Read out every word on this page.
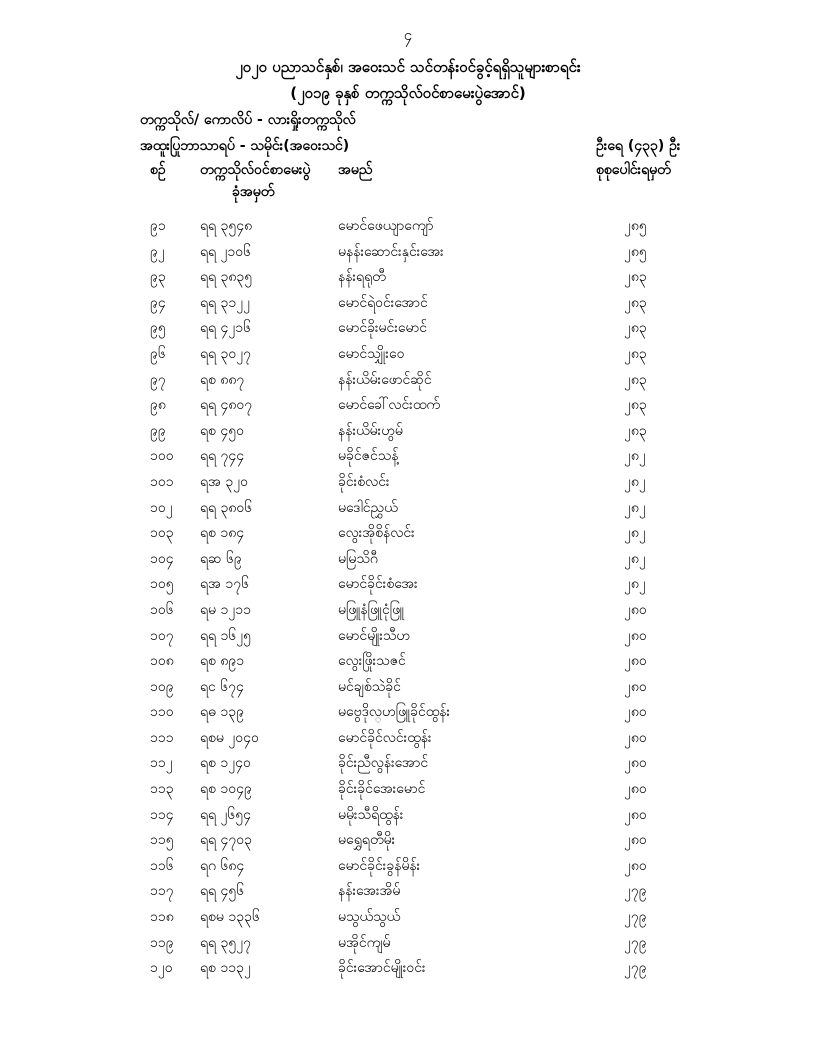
၄
၂၀၂၀ ပညာသင်နှစ်၊ အဝေးသင် သင်တန်းဝင်ခွင့်ရရှိသူများစာရင်း
(၂၀၁၉ ခုနှစ် တက္ကသိုလ်ဝင်စာမေးပွဲအောင်)
တက္ကသိုလ်/ ကောလိပ် - လားရှိုးတက္ကသိုလ်
အထူးပြုဘာသာရပ် - သမိုင်း(အဝေးသင်)	ဦးရေ (၄၃၃) ဦး
စဉ် တက္ကသိုလ်ဝင်စာမေးပွဲ
ခုံအမှတ်
အမည်	စုစုပေါင်းရမှတ်
၉၁	ရရ ၃၅၄၈	မောင်ဖေယျာကျော်	၂၈၅
၉၂	ရရ ၂၁၀၆	မနန်းဆောင်းနှင်းအေး	၂၈၅
၉၃	ရရ ၃၈၃၅	နန်းရရုတီ	၂၈၃
၉၄	ရရ ၃၁၂၂	မောင်ရဲဝင်းအောင်	၂၈၃
၉၅	ရရ ၄၂၁၆	မောင်ခိုးမင်းမောင်	၂၈၃
၉၆	ရရ ၃၀၂၇	မောင်သျှိုးဝေ	၂၈၃
၉၇	ရစ ၈၈၇	နန်းယိမ်းဖောင်ဆိုင်	၂၈၃
၉၈	ရရ ၄၈၀၇	မောင်ခေါ်လင်းထက်	၂၈၃
၉၉	ရစ ၄၅၀	နန်းယိမ်းဟွမ်	၂၈၃
၁၀၀	ရရ ၇၄၄	မခိုင်ဇင်သန့်	၂၈၂
၁၀၁	ရအ ၃၂၀	ခိုင်းစံလင်း	၂၈၂
၁၀၂	ရရ ၃၈၀၆	မဒေါင်ညွှယ်	၂၈၂
၁၀၃	ရစ ၁၈၄	လွေးအိုစိန်လင်း	၂၈၂
၁၀၄	ရဆ ၆၉	မမြသိဂီ	၂၈၂
၁၀၅	ရအ ၁၇၆	မောင်ခိုင်းစံအေး	၂၈၂
၁၀၆	ရမ ၁၂၁၁	မဖြူနံဖြူငုံဖြူ	၂၈၀
၁၀၇	ရရ ၁၆၂၅	မောင်မျိုးသီဟ	၂၈၀
၁၀၈	ရစ ၈၉၁	လွေးဖြိုးသဇင်	၂၈၀
၁၀၉	ရင ၆၇၄	မင်ချစ်သဲခိုင်	၂၈၀
၁၁၀	ရဓ ၁၃၉	မဗွေဒိုလ္ဟဖြူခိုင်ထွန်း	၂၈၀
၁၁၁	ရစမ ၂၀၄၀	မောင်ခိုင်လင်းထွန်း	၂၈၀
၁၁၂	ရစ ၁၂၄၀	ခိုင်းညီလွန်းအောင်	၂၈၀
၁၁၃	ရစ ၁၀၄၉	ခိုင်းခိုင်အေးမောင်	၂၈၀
၁၁၄	ရရ ၂၆၅၄	မမိုးသီရိထွန်း	၂၈၀
၁၁၅	ရရ ၄၇၀၃	မရွှေရတီမိုး	၂၈၀
၁၁၆	ရဂ ၆၈၄	မောင်ခိုင်းခွန်မိန်း	၂၈၀
၁၁၇	ရရ ၄၅၆	နန်းအေးအိမ်	၂၇၉
၁၁၈	ရစမ ၁၃၃၆	မသွယ်သွယ်	၂၇၉
၁၁၉	ရရ ၃၅၂၇	မအိုင်ကျမ်	၂၇၉
၁၂၀	ရစ ၁၁၃၂	ခိုင်းအောင်မျိုးဝင်း	၂၇၉
